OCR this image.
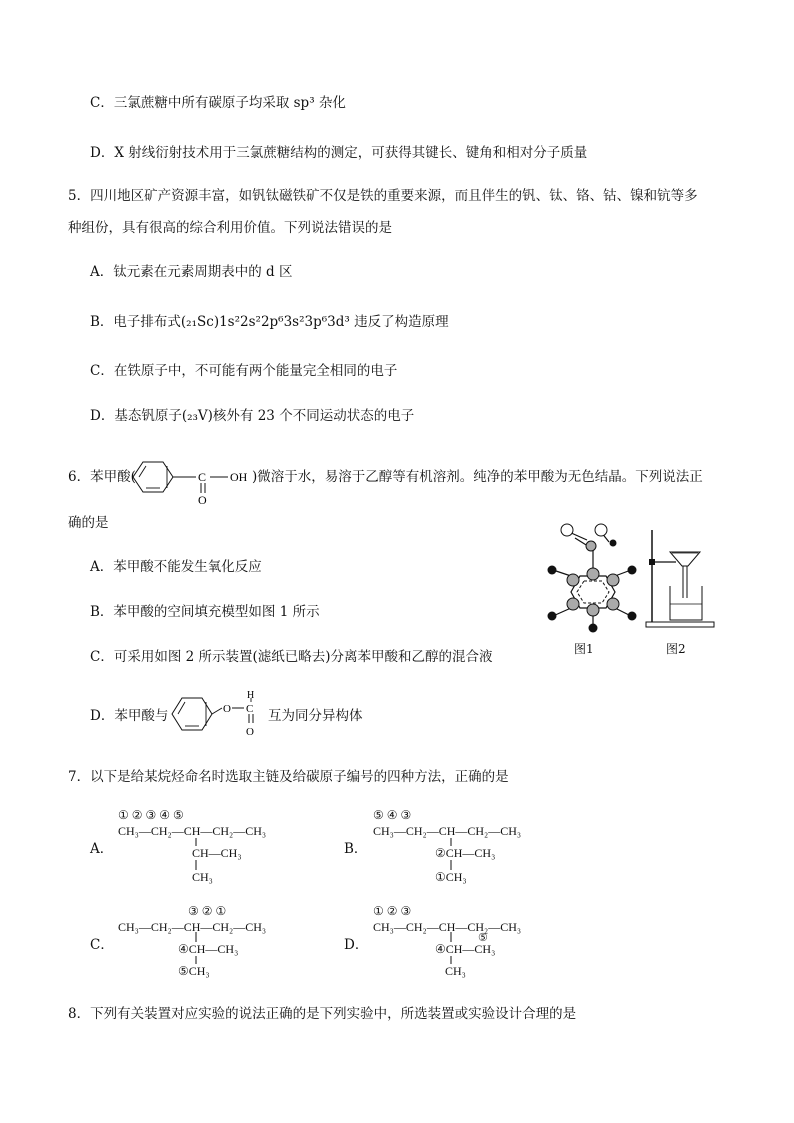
C．三氯蔗糖中所有碳原子均采取 sp³ 杂化
D．X 射线衍射技术用于三氯蔗糖结构的测定，可获得其键长、键角和相对分子质量
5．四川地区矿产资源丰富，如钒钛磁铁矿不仅是铁的重要来源，而且伴生的钒、钛、铬、钴、镍和钪等多
种组份，具有很高的综合利用价值。下列说法错误的是
A．钛元素在元素周期表中的 d 区
B．电子排布式(₂₁Sc)1s²2s²2p⁶3s²3p⁶3d³ 违反了构造原理
C．在铁原子中，不可能有两个能量完全相同的电子
D．基态钒原子(₂₃V)核外有 23 个不同运动状态的电子
6．苯甲酸(	C OH
O
)微溶于水，易溶于乙醇等有机溶剂。纯净的苯甲酸为无色结晶。下列说法正
确的是
A．苯甲酸不能发生氧化反应
B．苯甲酸的空间填充模型如图 1 所示
C．可采用如图 2 所示装置(滤纸已略去)分离苯甲酸和乙醇的混合液
D．苯甲酸与	O
H
C
O
互为同分异构体
图1	图2
7．以下是给某烷烃命名时选取主链及给碳原子编号的四种方法，正确的是
① ② ③ ④ ⑤
CH₃—CH₂—CH—CH₂—CH₃
A．	CH—CH₃
CH₃
⑤ ④ ③
CH₃—CH₂—CH—CH₂—CH₃
B．	②CH—CH₃
①CH₃
③ ② ①
CH₃—CH₂—CH—CH₂—CH₃
C．	④CH—CH₃
⑤CH₃
① ② ③
CH₃—CH₂—CH—CH₂—CH₃
D．	⑤
④CH—CH₃
CH₃
8．下列有关装置对应实验的说法正确的是下列实验中，所选装置或实验设计合理的是
